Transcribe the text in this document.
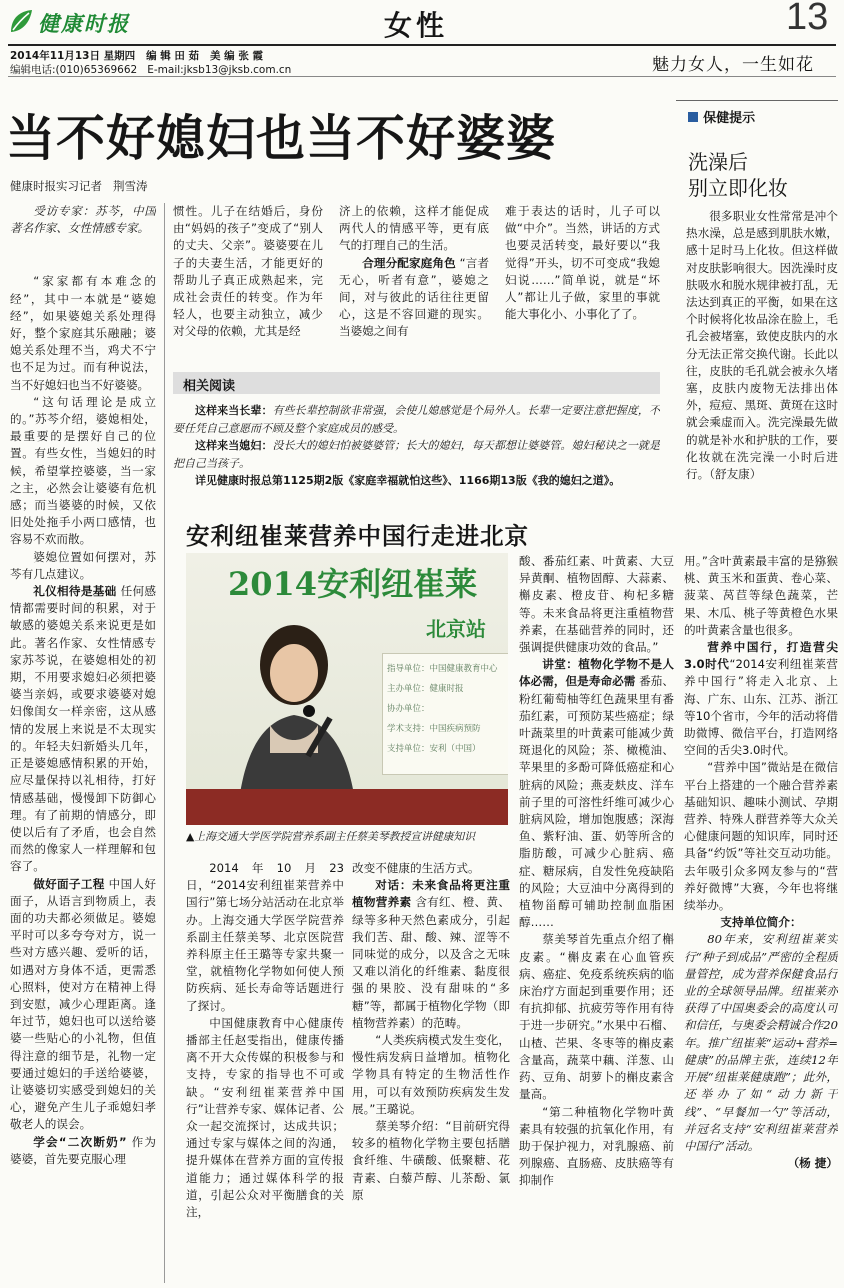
健康时报	女性	13
2014年11月13日 星期四   编 辑 田 茹   美 编 张 霞
编辑电话:(010)65369662   E-mail:jksb13@jksb.com.cn	魅力女人，一生如花
当不好媳妇也当不好婆婆
健康时报实习记者   荆雪涛

受访专家：苏芩，中国著名作家、女性情感专家。

“家家都有本难念的经”，其中一本就是“婆媳经”，如果婆媳关系处理得好，整个家庭其乐融融；婆媳关系处理不当，鸡犬不宁也不足为过。而有种说法，当不好媳妇也当不好婆婆。

“这句话理论是成立的。”苏芩介绍，婆媳相处，最重要的是摆好自己的位置。有些女性，当媳妇的时候，希望掌控婆婆，当一家之主，必然会让婆婆有危机感；而当婆婆的时候，又依旧处处拖手小两口感情，也容易不欢而散。

婆媳位置如何摆对，苏芩有几点建议。

礼仪相待是基础 任何感情都需要时间的积累，对于敏感的婆媳关系来说更是如此。著名作家、女性情感专家苏芩说，在婆媳相处的初期，不用要求媳妇必须把婆婆当亲妈，或要求婆婆对媳妇像闺女一样亲密，这从感情的发展上来说是不太现实的。年轻夫妇新婚头几年，正是婆媳感情积累的开始，应尽量保持以礼相待，打好情感基础，慢慢卸下防御心理。有了前期的情感分，即使以后有了矛盾，也会自然而然的像家人一样理解和包容了。

做好面子工程 中国人好面子，从语言到物质上，表面的功夫都必须做足。婆媳平时可以多夸夸对方，说一些对方感兴趣、爱听的话，如遇对方身体不适，更需悉心照料，使对方在精神上得到安慰，减少心理距离。逢年过节，媳妇也可以送给婆婆一些贴心的小礼物，但值得注意的细节是，礼物一定要通过媳妇的手送给婆婆，让婆婆切实感受到媳妇的关心，避免产生儿子乖媳妇孝敬老人的误会。

学会“二次断奶” 作为婆婆，首先要克服心理

惯性。儿子在结婚后，身份由“妈妈的孩子”变成了“别人的丈夫、父亲”。婆婆要在儿子的夫妻生活，才能更好的帮助儿子真正成熟起来，完成社会责任的转变。作为年轻人，也要主动独立，减少对父母的依赖，尤其是经

济上的依赖，这样才能促成两代人的情感平等，更有底气的打理自己的生活。

合理分配家庭角色 “言者无心，听者有意”，婆媳之间，对与彼此的话往往更留心，这是不容回避的现实。当婆媳之间有

难于表达的话时，儿子可以做“中介”。当然，讲话的方式也要灵活转变，最好要以“我觉得”开头，切不可变成“我媳妇说……”简单说，就是“坏人”都让儿子做，家里的事就能大事化小、小事化了了。

相关阅读

这样来当长辈：有些长辈控制欲非常强，会使儿媳感觉是个局外人。长辈一定要注意把握度，不要任凭自己意愿而不顾及整个家庭成员的感受。

这样来当媳妇：没长大的媳妇怕被婆婆管；长大的媳妇，每天都想让婆婆管。媳妇秘诀之一就是把自己当孩子。

详见健康时报总第1125期2版《家庭幸福就怕这些》、1166期13版《我的媳妇之道》。

保健提示
洗澡后
别立即化妆

很多职业女性常常是冲个热水澡，总是感到肌肤水嫩，感十足时马上化妆。但这样做对皮肤影响很大。因洗澡时皮肤吸水和脱水规律被打乱，无法达到真正的平衡，如果在这个时候将化妆品涂在脸上，毛孔会被堵塞，致使皮肤内的水分无法正常交换代谢。长此以往，皮肤的毛孔就会被永久堵塞，皮肤内废物无法排出体外，痘痘、黑斑、黄斑在这时就会乘虚而入。洗完澡最先做的就是补水和护肤的工作，要化妆就在洗完澡一小时后进行。（舒友康）

安利纽崔莱营养中国行走进北京
2014安利纽崔莱
北京站
指导单位：中国健康教育中心
主办单位：健康时报
协办单位：
学术支持：中国疾病预防
支持单位：安利（中国）
▲上海交通大学医学院营养系副主任蔡美琴教授宣讲健康知识

2014年10月23日，“2014安利纽崔莱营养中国行”第七场分站活动在北京举办。上海交通大学医学院营养系副主任蔡美琴、北京医院营养科原主任王璐等专家共聚一堂，就植物化学物如何使人预防疾病、延长寿命等话题进行了探讨。

中国健康教育中心健康传播部主任赵雯指出，健康传播离不开大众传媒的积极参与和支持，专家的指导也不可或缺。“安利纽崔莱营养中国行”让营养专家、媒体记者、公众一起交流探讨，达成共识；通过专家与媒体之间的沟通，提升媒体在营养方面的宣传报道能力；通过媒体科学的报道，引起公众对平衡膳食的关注，

改变不健康的生活方式。

对话：未来食品将更注重植物营养素 含有红、橙、黄、绿等多种天然色素成分，引起我们苦、甜、酸、辣、涩等不同味觉的成分，以及含之无味又难以消化的纤维素、黏度很强的果胶、没有甜味的“多糖”等，都属于植物化学物（即植物营养素）的范畴。

“人类疾病模式发生变化，慢性病发病日益增加。植物化学物具有特定的生物活性作用，可以有效预防疾病发生发展。”王璐说。

蔡美琴介绍：“目前研究得较多的植物化学物主要包括膳食纤维、牛磺酸、低聚糖、花青素、白藜芦醇、儿茶酚、氯原

酸、番茄红素、叶黄素、大豆异黄酮、植物固醇、大蒜素、槲皮素、橙皮苷、枸杞多糖等。未来食品将更注重植物营养素，在基础营养的同时，还强调提供健康功效的食品。”

讲堂：植物化学物不是人体必需，但是寿命必需 番茄、粉红葡萄柚等红色蔬果里有番茄红素，可预防某些癌症；绿叶蔬菜里的叶黄素可能减少黄斑退化的风险；茶、橄榄油、苹果里的多酚可降低癌症和心脏病的风险；燕麦麸皮、洋车前子里的可溶性纤维可减少心脏病风险，增加饱腹感；深海鱼、紫籽油、蛋、奶等所含的脂肪酸，可减少心脏病、癌症、糖尿病，自发性免疫缺陷的风险；大豆油中分离得到的植物甾醇可辅助控制血脂困醇……

蔡美琴首先重点介绍了槲皮素。“槲皮素在心血管疾病、癌症、免疫系统疾病的临床治疗方面起到重要作用；还有抗抑郁、抗疲劳等作用有待于进一步研究。”水果中石榴、山楂、芒果、冬枣等的槲皮素含量高，蔬菜中藕、洋葱、山药、豆角、胡萝卜的槲皮素含量高。

“第二种植物化学物叶黄素具有较强的抗氧化作用，有助于保护视力，对乳腺癌、前列腺癌、直肠癌、皮肤癌等有抑制作

用。”含叶黄素最丰富的是猕猴桃、黄玉米和蛋黄、卷心菜、菠菜、莴苣等绿色蔬菜，芒果、木瓜、桃子等黄橙色水果的叶黄素含量也很多。

营养中国行，打造营尖3.0时代“2014安利纽崔莱营养中国行”将走入北京、上海、广东、山东、江苏、浙江等10个省市，今年的活动将借助微博、微信平台，打造网络空间的舌尖3.0时代。

“营养中国”微站是在微信平台上搭建的一个融合营养素基础知识、趣味小测试、孕期营养、特殊人群营养等大众关心健康问题的知识库，同时还具备“约饭”等社交互动功能。去年吸引众多网友参与的“营养好微博”大赛，今年也将继续举办。

支持单位简介：

80年来，安利纽崔莱实行“种子到成品”严密的全程质量管控，成为营养保健食品行业的全球领导品牌。纽崔莱亦获得了中国奥委会的高度认可和信任，与奥委会精诚合作20年。推广纽崔莱“运动+营养=健康”的品牌主张，连续12年开展“纽崔莱健康跑”；此外，还举办了如“动力新干线”、“早餐加一勺”等活动，并冠名支持“安利纽崔莱营养中国行”活动。

（杨 捷）
